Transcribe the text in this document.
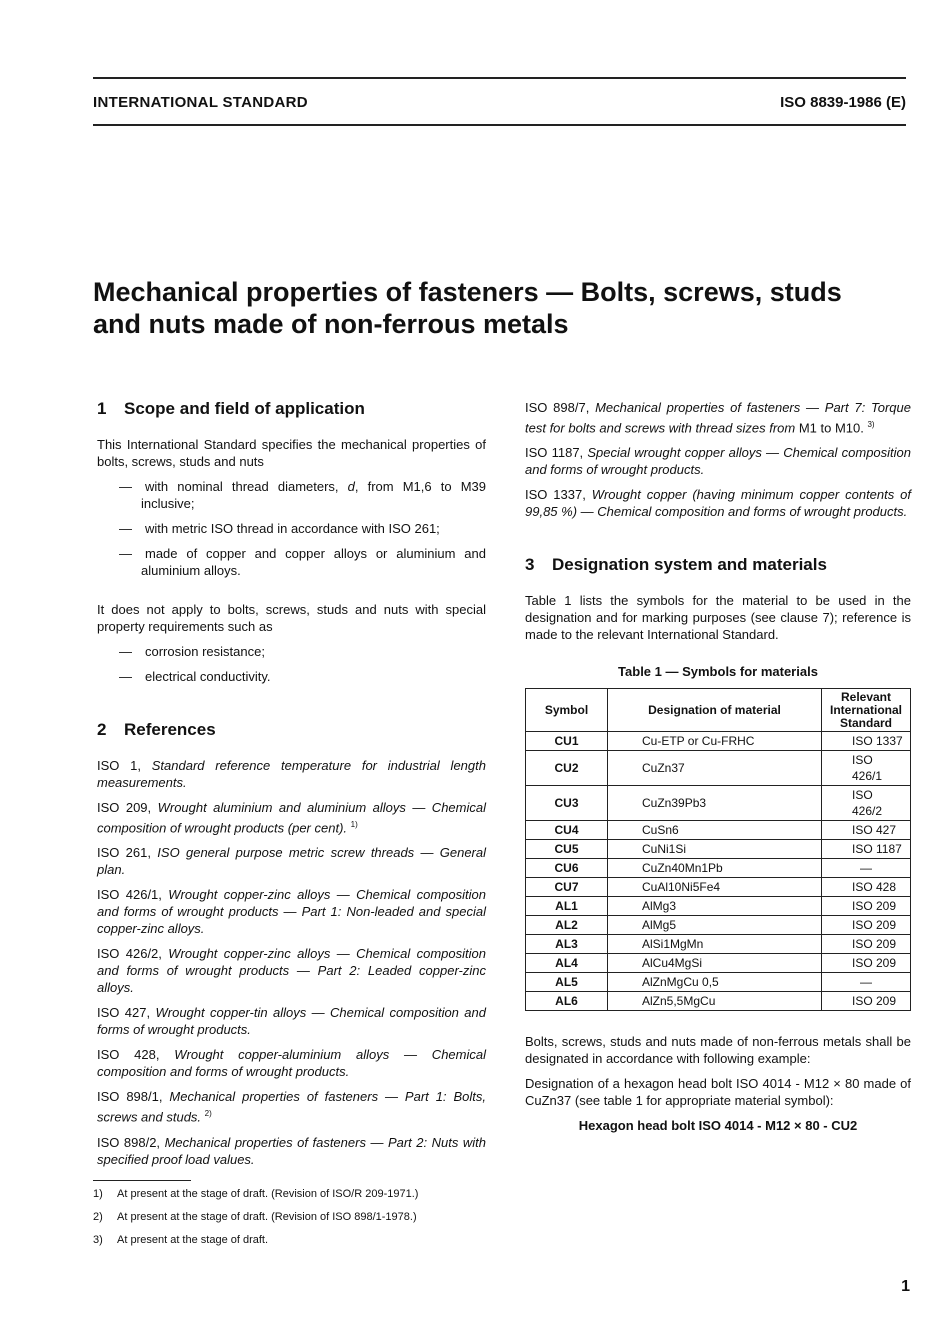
INTERNATIONAL STANDARD	ISO 8839-1986 (E)
Mechanical properties of fasteners — Bolts, screws, studs
and nuts made of non-ferrous metals
1 Scope and field of application

This International Standard specifies the mechanical properties of bolts, screws, studs and nuts

— with nominal thread diameters, d, from M1,6 to M39 inclusive;
— with metric ISO thread in accordance with ISO 261;
— made of copper and copper alloys or aluminium and aluminium alloys.

It does not apply to bolts, screws, studs and nuts with special property requirements such as

— corrosion resistance;
— electrical conductivity.
2 References

ISO 1, Standard reference temperature for industrial length measurements.

ISO 209, Wrought aluminium and aluminium alloys — Chemical composition of wrought products (per cent). $^{1)}$

ISO 261, ISO general purpose metric screw threads — General plan.

ISO 426/1, Wrought copper-zinc alloys — Chemical composition and forms of wrought products — Part 1: Non-leaded and special copper-zinc alloys.

ISO 426/2, Wrought copper-zinc alloys — Chemical composition and forms of wrought products — Part 2: Leaded copper-zinc alloys.

ISO 427, Wrought copper-tin alloys — Chemical composition and forms of wrought products.

ISO 428, Wrought copper-aluminium alloys — Chemical composition and forms of wrought products.

ISO 898/1, Mechanical properties of fasteners — Part 1: Bolts, screws and studs. $^{2)}$

ISO 898/2, Mechanical properties of fasteners — Part 2: Nuts with specified proof load values.

ISO 898/7, Mechanical properties of fasteners — Part 7: Torque test for bolts and screws with thread sizes from M1 to M10. $^{3)}$

ISO 1187, Special wrought copper alloys — Chemical composition and forms of wrought products.

ISO 1337, Wrought copper (having minimum copper contents of 99,85 %) — Chemical composition and forms of wrought products.

3 Designation system and materials

Table 1 lists the symbols for the material to be used in the designation and for marking purposes (see clause 7); reference is made to the relevant International Standard.

Table 1 — Symbols for materials
Symbol	Designation of material	Relevant International Standard
CU1	Cu-ETP or Cu-FRHC	ISO 1337
CU2	CuZn37	ISO 426/1
CU3	CuZn39Pb3	ISO 426/2
CU4	CuSn6	ISO 427
CU5	CuNi1Si	ISO 1187
CU6	CuZn40Mn1Pb	—
CU7	CuAl10Ni5Fe4	ISO 428
AL1	AlMg3	ISO 209
AL2	AlMg5	ISO 209
AL3	AlSi1MgMn	ISO 209
AL4	AlCu4MgSi	ISO 209
AL5	AlZnMgCu 0,5	—
AL6	AlZn5,5MgCu	ISO 209

Bolts, screws, studs and nuts made of non-ferrous metals shall be designated in accordance with following example:

Designation of a hexagon head bolt ISO 4014 - M12 × 80 made of CuZn37 (see table 1 for appropriate material symbol):

Hexagon head bolt ISO 4014 - M12 × 80 - CU2
1) At present at the stage of draft. (Revision of ISO/R 209-1971.)
2) At present at the stage of draft. (Revision of ISO 898/1-1978.)
3) At present at the stage of draft.
1
